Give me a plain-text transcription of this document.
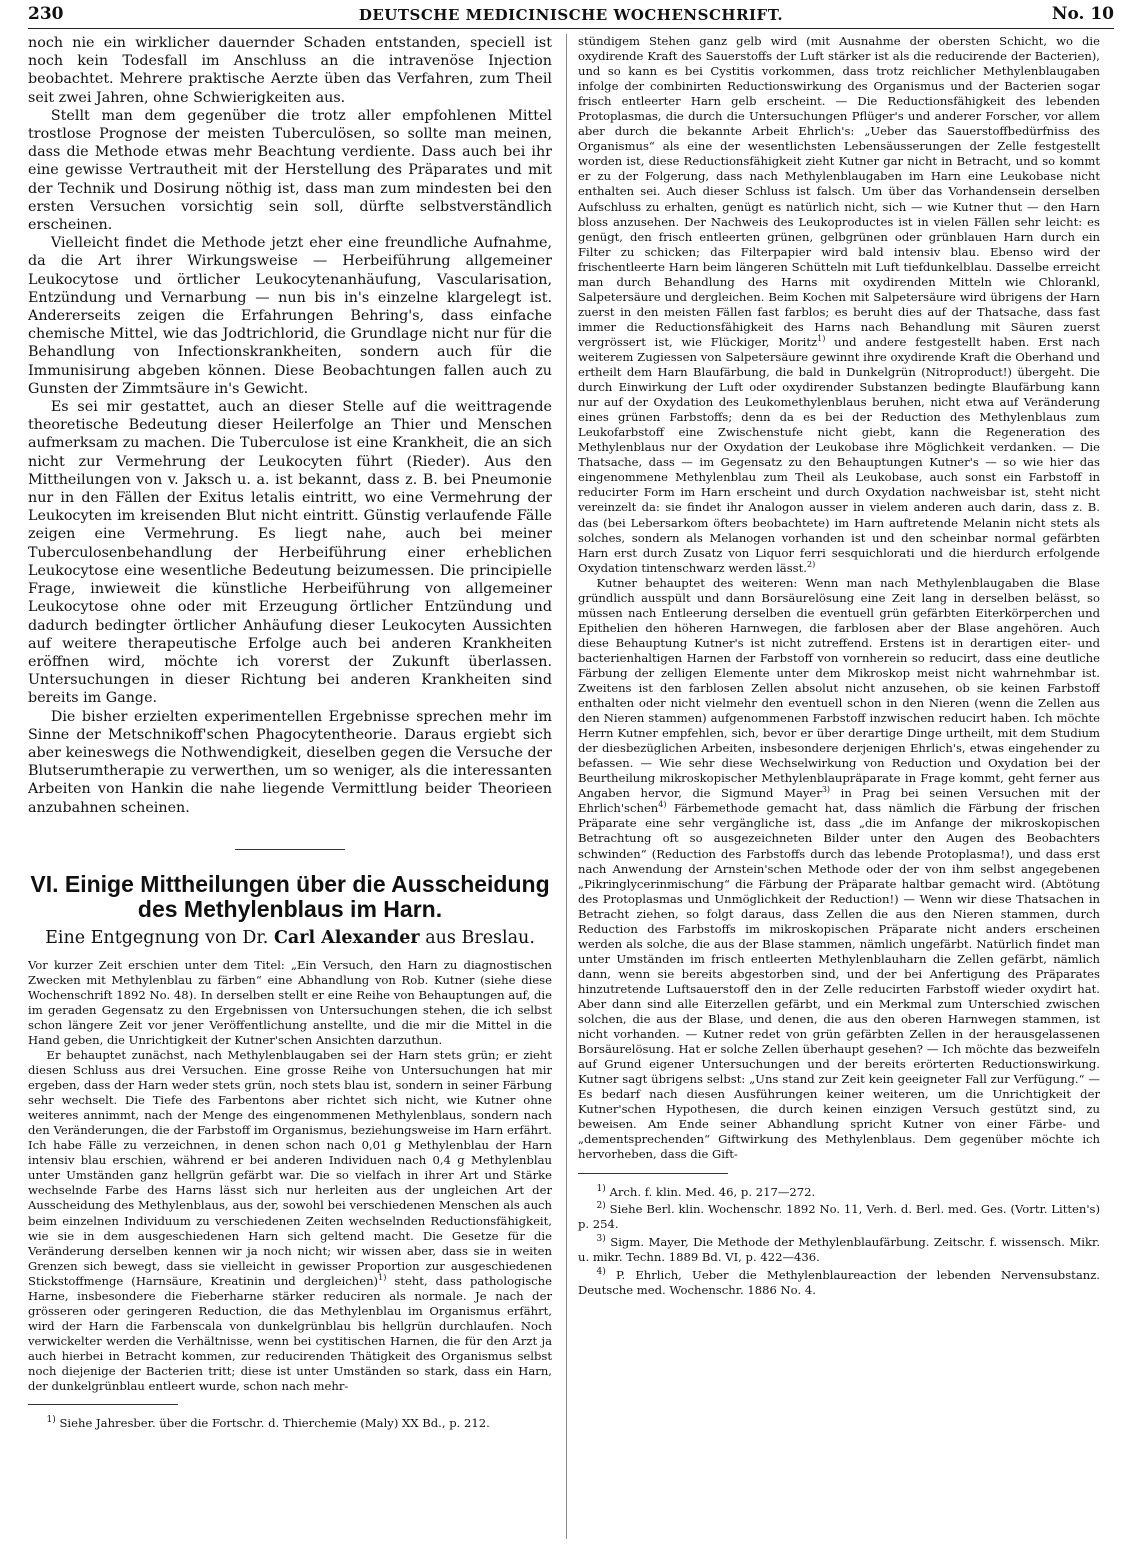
230	DEUTSCHE MEDICINISCHE WOCHENSCHRIFT.	No. 10

noch nie ein wirklicher dauernder Schaden entstanden, speciell ist noch kein Todesfall im Anschluss an die intravenöse Injection beobachtet. Mehrere praktische Aerzte üben das Verfahren, zum Theil seit zwei Jahren, ohne Schwierigkeiten aus.

Stellt man dem gegenüber die trotz aller empfohlenen Mittel trostlose Prognose der meisten Tuberculösen, so sollte man meinen, dass die Methode etwas mehr Beachtung verdiente. Dass auch bei ihr eine gewisse Vertrautheit mit der Herstellung des Präparates und mit der Technik und Dosirung nöthig ist, dass man zum mindesten bei den ersten Versuchen vorsichtig sein soll, dürfte selbstverständlich erscheinen.

Vielleicht findet die Methode jetzt eher eine freundliche Aufnahme, da die Art ihrer Wirkungsweise — Herbeiführung allgemeiner Leukocytose und örtlicher Leukocytenanhäufung, Vascularisation, Entzündung und Vernarbung — nun bis in's einzelne klargelegt ist. Andererseits zeigen die Erfahrungen Behring's, dass einfache chemische Mittel, wie das Jodtrichlorid, die Grundlage nicht nur für die Behandlung von Infectionskrankheiten, sondern auch für die Immunisirung abgeben können. Diese Beobachtungen fallen auch zu Gunsten der Zimmtsäure in's Gewicht.

Es sei mir gestattet, auch an dieser Stelle auf die weittragende theoretische Bedeutung dieser Heilerfolge an Thier und Menschen aufmerksam zu machen. Die Tuberculose ist eine Krankheit, die an sich nicht zur Vermehrung der Leukocyten führt (Rieder). Aus den Mittheilungen von v. Jaksch u. a. ist bekannt, dass z. B. bei Pneumonie nur in den Fällen der Exitus letalis eintritt, wo eine Vermehrung der Leukocyten im kreisenden Blut nicht eintritt. Günstig verlaufende Fälle zeigen eine Vermehrung. Es liegt nahe, auch bei meiner Tuberculosenbehandlung der Herbeiführung einer erheblichen Leukocytose eine wesentliche Bedeutung beizumessen. Die principielle Frage, inwieweit die künstliche Herbeiführung von allgemeiner Leukocytose ohne oder mit Erzeugung örtlicher Entzündung und dadurch bedingter örtlicher Anhäufung dieser Leukocyten Aussichten auf weitere therapeutische Erfolge auch bei anderen Krankheiten eröffnen wird, möchte ich vorerst der Zukunft überlassen. Untersuchungen in dieser Richtung bei anderen Krankheiten sind bereits im Gange.

Die bisher erzielten experimentellen Ergebnisse sprechen mehr im Sinne der Metschnikoff'schen Phagocytentheorie. Daraus ergiebt sich aber keineswegs die Nothwendigkeit, dieselben gegen die Versuche der Blutserumtherapie zu verwerthen, um so weniger, als die interessanten Arbeiten von Hankin die nahe liegende Vermittlung beider Theorieen anzubahnen scheinen.

VI. Einige Mittheilungen über die Ausscheidung des Methylenblaus im Harn.
Eine Entgegnung von Dr. Carl Alexander aus Breslau.

Vor kurzer Zeit erschien unter dem Titel: „Ein Versuch, den Harn zu diagnostischen Zwecken mit Methylenblau zu färben“ eine Abhandlung von Rob. Kutner (siehe diese Wochenschrift 1892 No. 48). In derselben stellt er eine Reihe von Behauptungen auf, die im geraden Gegensatz zu den Ergebnissen von Untersuchungen stehen, die ich selbst schon längere Zeit vor jener Veröffentlichung anstellte, und die mir die Mittel in die Hand geben, die Unrichtigkeit der Kutner'schen Ansichten darzuthun.

Er behauptet zunächst, nach Methylenblaugaben sei der Harn stets grün; er zieht diesen Schluss aus drei Versuchen. Eine grosse Reihe von Untersuchungen hat mir ergeben, dass der Harn weder stets grün, noch stets blau ist, sondern in seiner Färbung sehr wechselt. Die Tiefe des Farbentons aber richtet sich nicht, wie Kutner ohne weiteres annimmt, nach der Menge des eingenommenen Methylenblaus, sondern nach den Veränderungen, die der Farbstoff im Organismus, beziehungsweise im Harn erfährt. Ich habe Fälle zu verzeichnen, in denen schon nach 0,01 g Methylenblau der Harn intensiv blau erschien, während er bei anderen Individuen nach 0,4 g Methylenblau unter Umständen ganz hellgrün gefärbt war. Die so vielfach in ihrer Art und Stärke wechselnde Farbe des Harns lässt sich nur herleiten aus der ungleichen Art der Ausscheidung des Methylenblaus, aus der, sowohl bei verschiedenen Menschen als auch beim einzelnen Individuum zu verschiedenen Zeiten wechselnden Reductionsfähigkeit, wie sie in dem ausgeschiedenen Harn sich geltend macht. Die Gesetze für die Veränderung derselben kennen wir ja noch nicht; wir wissen aber, dass sie in weiten Grenzen sich bewegt, dass sie vielleicht in gewisser Proportion zur ausgeschiedenen Stickstoffmenge (Harnsäure, Kreatinin und dergleichen)$^{1)}$ steht, dass pathologische Harne, insbesondere die Fieberharne stärker reduciren als normale. Je nach der grösseren oder geringeren Reduction, die das Methylenblau im Organismus erfährt, wird der Harn die Farbenscala von dunkelgrünblau bis hellgrün durchlaufen. Noch verwickelter werden die Verhältnisse, wenn bei cystitischen Harnen, die für den Arzt ja auch hierbei in Betracht kommen, zur reducirenden Thätigkeit des Organismus selbst noch diejenige der Bacterien tritt; diese ist unter Umständen so stark, dass ein Harn, der dunkelgrünblau entleert wurde, schon nach mehr-

$^{1)}$ Siehe Jahresber. über die Fortschr. d. Thierchemie (Maly) XX Bd., p. 212.

stündigem Stehen ganz gelb wird (mit Ausnahme der obersten Schicht, wo die oxydirende Kraft des Sauerstoffs der Luft stärker ist als die reducirende der Bacterien), und so kann es bei Cystitis vorkommen, dass trotz reichlicher Methylenblaugaben infolge der combinirten Reductionswirkung des Organismus und der Bacterien sogar frisch entleerter Harn gelb erscheint. — Die Reductionsfähigkeit des lebenden Protoplasmas, die durch die Untersuchungen Pflüger's und anderer Forscher, vor allem aber durch die bekannte Arbeit Ehrlich's: „Ueber das Sauerstoffbedürfniss des Organismus“ als eine der wesentlichsten Lebensäusserungen der Zelle festgestellt worden ist, diese Reductionsfähigkeit zieht Kutner gar nicht in Betracht, und so kommt er zu der Folgerung, dass nach Methylenblaugaben im Harn eine Leukobase nicht enthalten sei. Auch dieser Schluss ist falsch. Um über das Vorhandensein derselben Aufschluss zu erhalten, genügt es natürlich nicht, sich — wie Kutner thut — den Harn bloss anzusehen. Der Nachweis des Leukoproductes ist in vielen Fällen sehr leicht: es genügt, den frisch entleerten grünen, gelbgrünen oder grünblauen Harn durch ein Filter zu schicken; das Filterpapier wird bald intensiv blau. Ebenso wird der frischentleerte Harn beim längeren Schütteln mit Luft tiefdunkelblau. Dasselbe erreicht man durch Behandlung des Harns mit oxydirenden Mitteln wie Chlorankl, Salpetersäure und dergleichen. Beim Kochen mit Salpetersäure wird übrigens der Harn zuerst in den meisten Fällen fast farblos; es beruht dies auf der Thatsache, dass fast immer die Reductionsfähigkeit des Harns nach Behandlung mit Säuren zuerst vergrössert ist, wie Flückiger, Moritz$^{1)}$ und andere festgestellt haben. Erst nach weiterem Zugiessen von Salpetersäure gewinnt ihre oxydirende Kraft die Oberhand und ertheilt dem Harn Blaufärbung, die bald in Dunkelgrün (Nitroproduct!) übergeht. Die durch Einwirkung der Luft oder oxydirender Substanzen bedingte Blaufärbung kann nur auf der Oxydation des Leukomethylenblaus beruhen, nicht etwa auf Veränderung eines grünen Farbstoffs; denn da es bei der Reduction des Methylenblaus zum Leukofarbstoff eine Zwischenstufe nicht giebt, kann die Regeneration des Methylenblaus nur der Oxydation der Leukobase ihre Möglichkeit verdanken. — Die Thatsache, dass — im Gegensatz zu den Behauptungen Kutner's — so wie hier das eingenommene Methylenblau zum Theil als Leukobase, auch sonst ein Farbstoff in reducirter Form im Harn erscheint und durch Oxydation nachweisbar ist, steht nicht vereinzelt da: sie findet ihr Analogon ausser in vielem anderen auch darin, dass z. B. das (bei Lebersarkom öfters beobachtete) im Harn auftretende Melanin nicht stets als solches, sondern als Melanogen vorhanden ist und den scheinbar normal gefärbten Harn erst durch Zusatz von Liquor ferri sesquichlorati und die hierdurch erfolgende Oxydation tintenschwarz werden lässt.$^{2)}$

Kutner behauptet des weiteren: Wenn man nach Methylenblaugaben die Blase gründlich ausspült und dann Borsäurelösung eine Zeit lang in derselben belässt, so müssen nach Entleerung derselben die eventuell grün gefärbten Eiterkörperchen und Epithelien den höheren Harnwegen, die farblosen aber der Blase angehören. Auch diese Behauptung Kutner's ist nicht zutreffend. Erstens ist in derartigen eiter- und bacterienhaltigen Harnen der Farbstoff von vornherein so reducirt, dass eine deutliche Färbung der zelligen Elemente unter dem Mikroskop meist nicht wahrnehmbar ist. Zweitens ist den farblosen Zellen absolut nicht anzusehen, ob sie keinen Farbstoff enthalten oder nicht vielmehr den eventuell schon in den Nieren (wenn die Zellen aus den Nieren stammen) aufgenommenen Farbstoff inzwischen reducirt haben. Ich möchte Herrn Kutner empfehlen, sich, bevor er über derartige Dinge urtheilt, mit dem Studium der diesbezüglichen Arbeiten, insbesondere derjenigen Ehrlich's, etwas eingehender zu befassen. — Wie sehr diese Wechselwirkung von Reduction und Oxydation bei der Beurtheilung mikroskopischer Methylenblaupräparate in Frage kommt, geht ferner aus Angaben hervor, die Sigmund Mayer$^{3)}$ in Prag bei seinen Versuchen mit der Ehrlich'schen$^{4)}$ Färbemethode gemacht hat, dass nämlich die Färbung der frischen Präparate eine sehr vergängliche ist, dass „die im Anfange der mikroskopischen Betrachtung oft so ausgezeichneten Bilder unter den Augen des Beobachters schwinden“ (Reduction des Farbstoffs durch das lebende Protoplasma!), und dass erst nach Anwendung der Arnstein'schen Methode oder der von ihm selbst angegebenen „Pikringlycerinmischung“ die Färbung der Präparate haltbar gemacht wird. (Abtötung des Protoplasmas und Unmöglichkeit der Reduction!) — Wenn wir diese Thatsachen in Betracht ziehen, so folgt daraus, dass Zellen die aus den Nieren stammen, durch Reduction des Farbstoffs im mikroskopischen Präparate nicht anders erscheinen werden als solche, die aus der Blase stammen, nämlich ungefärbt. Natürlich findet man unter Umständen im frisch entleerten Methylenblauharn die Zellen gefärbt, nämlich dann, wenn sie bereits abgestorben sind, und der bei Anfertigung des Präparates hinzutretende Luftsauerstoff den in der Zelle reducirten Farbstoff wieder oxydirt hat. Aber dann sind alle Eiterzellen gefärbt, und ein Merkmal zum Unterschied zwischen solchen, die aus der Blase, und denen, die aus den oberen Harnwegen stammen, ist nicht vorhanden. — Kutner redet von grün gefärbten Zellen in der herausgelassenen Borsäurelösung. Hat er solche Zellen überhaupt gesehen? — Ich möchte das bezweifeln auf Grund eigener Untersuchungen und der bereits erörterten Reductionswirkung. Kutner sagt übrigens selbst: „Uns stand zur Zeit kein geeigneter Fall zur Verfügung.“ — Es bedarf nach diesen Ausführungen keiner weiteren, um die Unrichtigkeit der Kutner'schen Hypothesen, die durch keinen einzigen Versuch gestützt sind, zu beweisen. Am Ende seiner Abhandlung spricht Kutner von einer Färbe- und „dementsprechenden“ Giftwirkung des Methylenblaus. Dem gegenüber möchte ich hervorheben, dass die Gift-

$^{1)}$ Arch. f. klin. Med. 46, p. 217—272.

$^{2)}$ Siehe Berl. klin. Wochenschr. 1892 No. 11, Verh. d. Berl. med. Ges. (Vortr. Litten's) p. 254.

$^{3)}$ Sigm. Mayer, Die Methode der Methylenblaufärbung. Zeitschr. f. wissensch. Mikr. u. mikr. Techn. 1889 Bd. VI, p. 422—436.

$^{4)}$ P. Ehrlich, Ueber die Methylenblaureaction der lebenden Nervensubstanz. Deutsche med. Wochenschr. 1886 No. 4.
